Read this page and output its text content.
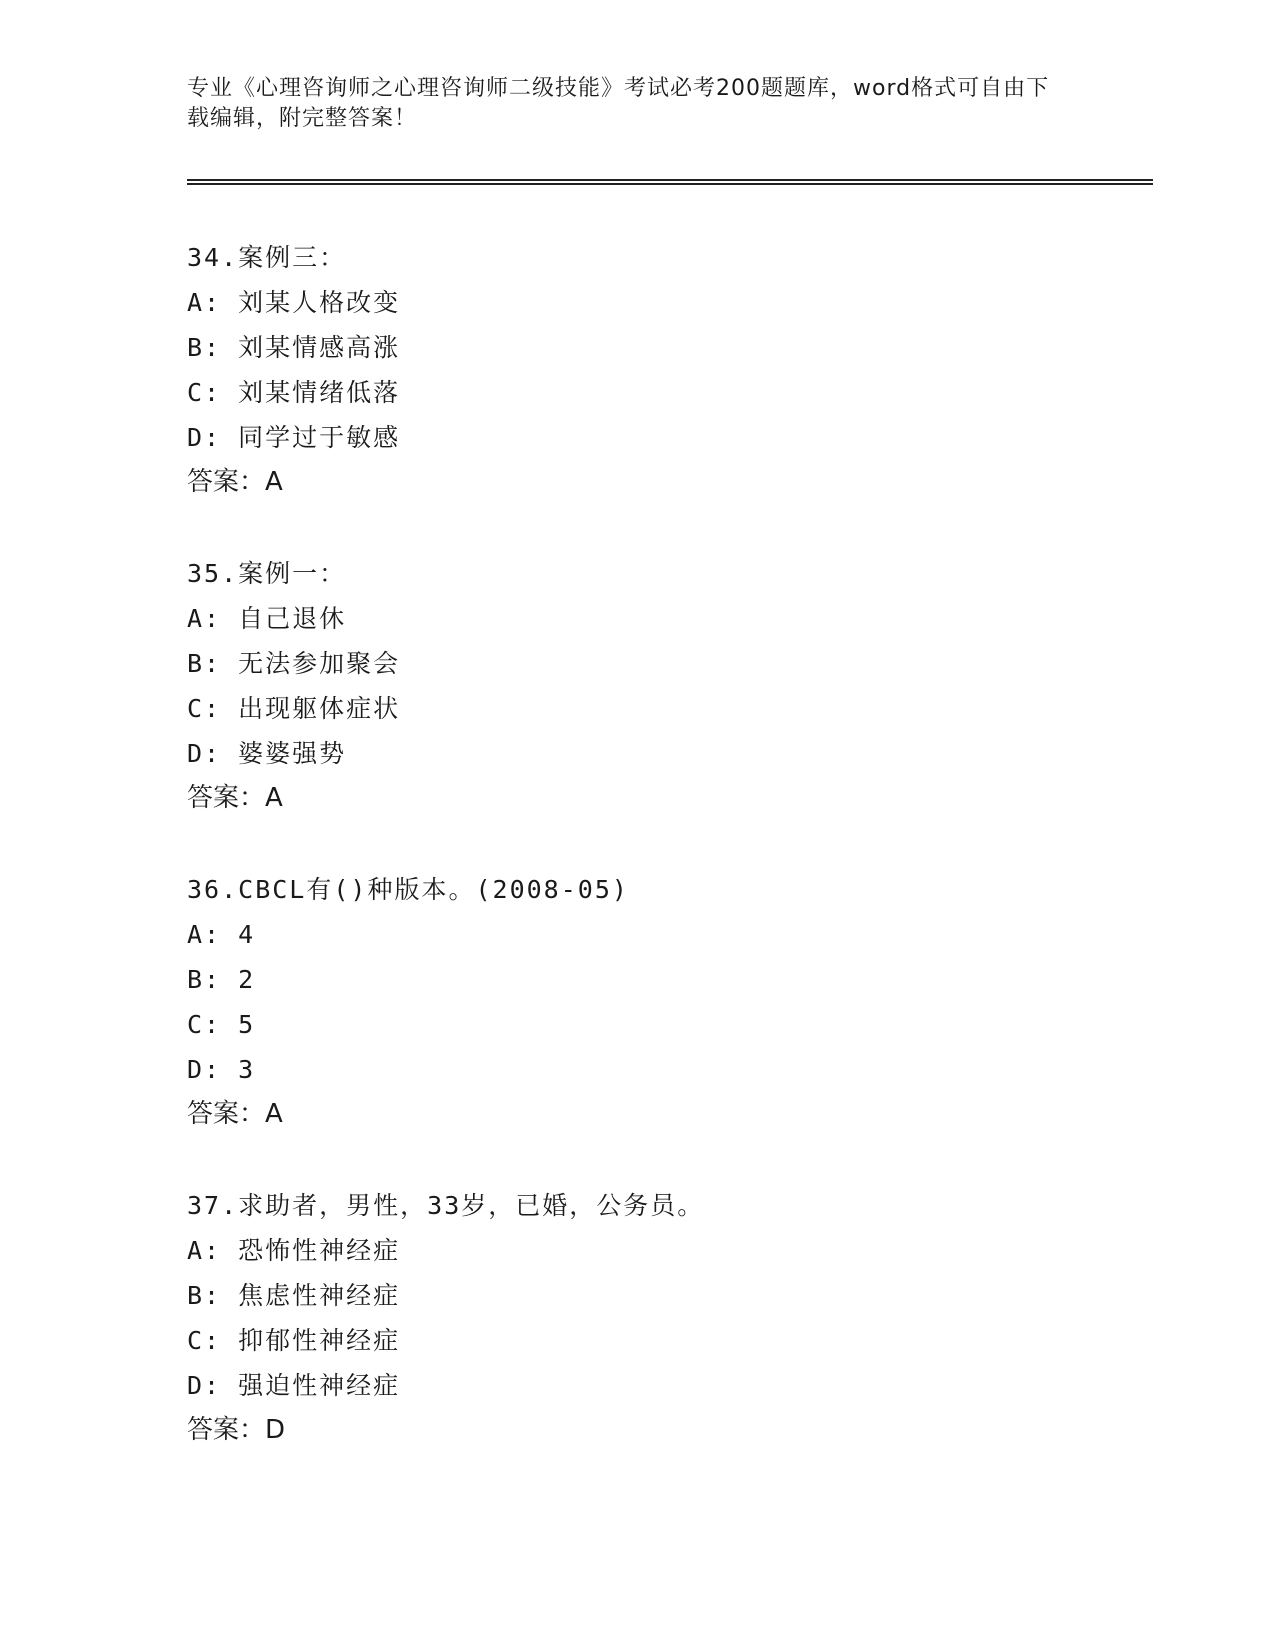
专业《心理咨询师之心理咨询师二级技能》考试必考200题题库，word格式可自由下载编辑，附完整答案！
34.案例三：
A: 刘某人格改变
B: 刘某情感高涨
C: 刘某情绪低落
D: 同学过于敏感
答案：A
35.案例一：
A: 自己退休
B: 无法参加聚会
C: 出现躯体症状
D: 婆婆强势
答案：A
36.CBCL有()种版本。(2008-05)
A: 4
B: 2
C: 5
D: 3
答案：A
37.求助者，男性，33岁，已婚，公务员。
A: 恐怖性神经症
B: 焦虑性神经症
C: 抑郁性神经症
D: 强迫性神经症
答案：D
